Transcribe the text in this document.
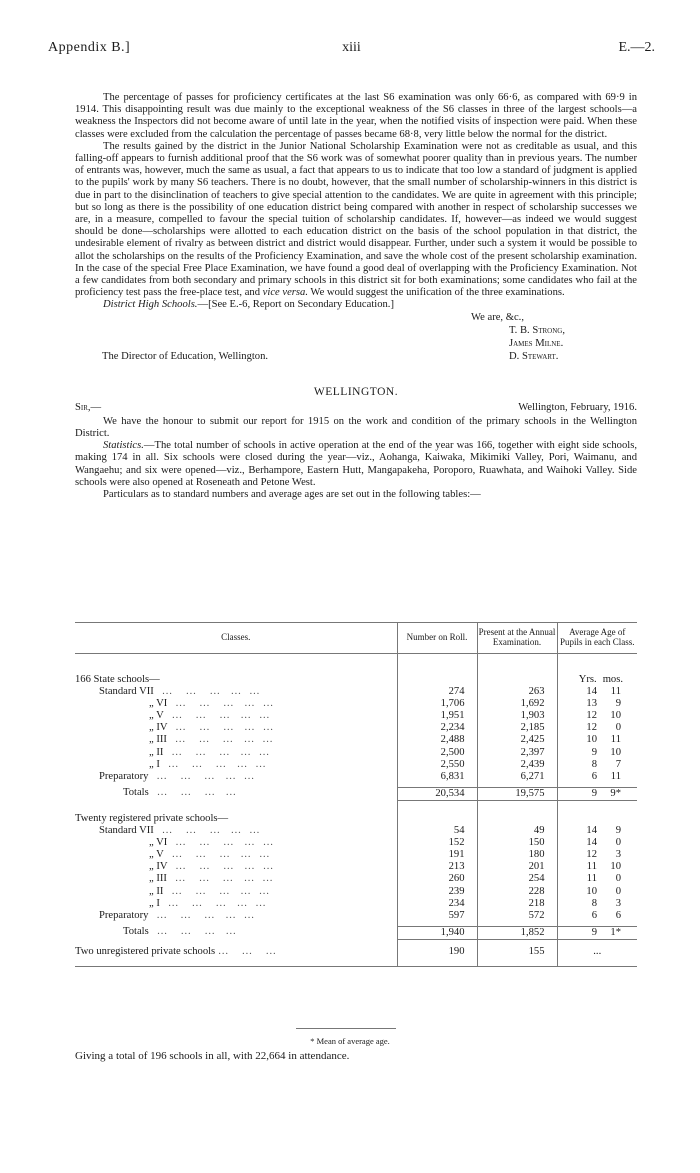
Appendix B.]	xiii	E.—2.

The percentage of passes for proficiency certificates at the last S6 examination was only 66·6, as compared with 69·9 in 1914. This disappointing result was due mainly to the exceptional weakness of the S6 classes in three of the largest schools—a weakness the Inspectors did not become aware of until late in the year, when the notified visits of inspection were paid. When these classes were excluded from the calculation the percentage of passes became 68·8, very little below the normal for the district.

The results gained by the district in the Junior National Scholarship Examination were not as creditable as usual, and this falling-off appears to furnish additional proof that the S6 work was of somewhat poorer quality than in previous years. The number of entrants was, however, much the same as usual, a fact that appears to us to indicate that too low a standard of judgment is applied to the pupils' work by many S6 teachers. There is no doubt, however, that the small number of scholarship-winners in this district is due in part to the disinclination of teachers to give special attention to the candidates. We are quite in agreement with this principle; but so long as there is the possibility of one education district being compared with another in respect of scholarship successes we are, in a measure, compelled to favour the special tuition of scholarship candidates. If, however—as indeed we would suggest should be done—scholarships were allotted to each education district on the basis of the school population in that district, the undesirable element of rivalry as between district and district would disappear. Further, under such a system it would be possible to allot the scholarships on the results of the Proficiency Examination, and save the whole cost of the present scholarship examination. In the case of the special Free Place Examination, we have found a good deal of overlapping with the Proficiency Examination. Not a few candidates from both secondary and primary schools in this district sit for both examinations; some candidates who fail at the proficiency test pass the free-place test, and vice versa. We would suggest the unification of the three examinations.

District High Schools.—[See E.-6, Report on Secondary Education.]

We are, &c.,
T. B. Strong,
James Milne.
D. Stewart.
The Director of Education, Wellington.
WELLINGTON.
Sir,—	Wellington, February, 1916.

We have the honour to submit our report for 1915 on the work and condition of the primary schools in the Wellington District.

Statistics.—The total number of schools in active operation at the end of the year was 166, together with eight side schools, making 174 in all. Six schools were closed during the year—viz., Aohanga, Kaiwaka, Mikimiki Valley, Pori, Waimanu, and Wangaehu; and six were opened—viz., Berhampore, Eastern Hutt, Mangapakeha, Poroporo, Ruawhata, and Waihoki Valley. Side schools were also opened at Roseneath and Petone West.

Particulars as to standard numbers and average ages are set out in the following tables:—

Classes.	Number on Roll.	Present at the Annual Examination.	Average Age of Pupils in each Class.

166 State schools—			Yrs. mos.
Standard VII   …     …     …    …   …	274	263	14 11
„ VI   …     …     …    …   …	1,706	1,692	13 9
„ V   …     …     …    …   …	1,951	1,903	12 10
„ IV   …     …     …    …   …	2,234	2,185	12 0
„ III   …     …     …    …   …	2,488	2,425	10 11
„ II   …     …     …    …   …	2,500	2,397	9 10
„ I   …     …     …    …   …	2,550	2,439	8 7
Preparatory   …     …     …    …   …	6,831	6,271	6 11

Totals   …     …     …    …	20,534	19,575	9 9*

Twenty registered private schools—			
Standard VII   …     …     …    …   …	54	49	14 9
„ VI   …     …     …    …   …	152	150	14 0
„ V   …     …     …    …   …	191	180	12 3
„ IV   …     …     …    …   …	213	201	11 10
„ III   …     …     …    …   …	260	254	11 0
„ II   …     …     …    …   …	239	228	10 0
„ I   …     …     …    …   …	234	218	8 3
Preparatory   …     …     …    …   …	597	572	6 6

Totals   …     …     …    …	1,940	1,852	9 1*

Two unregistered private schools …     …     …	190	155	...
* Mean of average age.
Giving a total of 196 schools in all, with 22,664 in attendance.
